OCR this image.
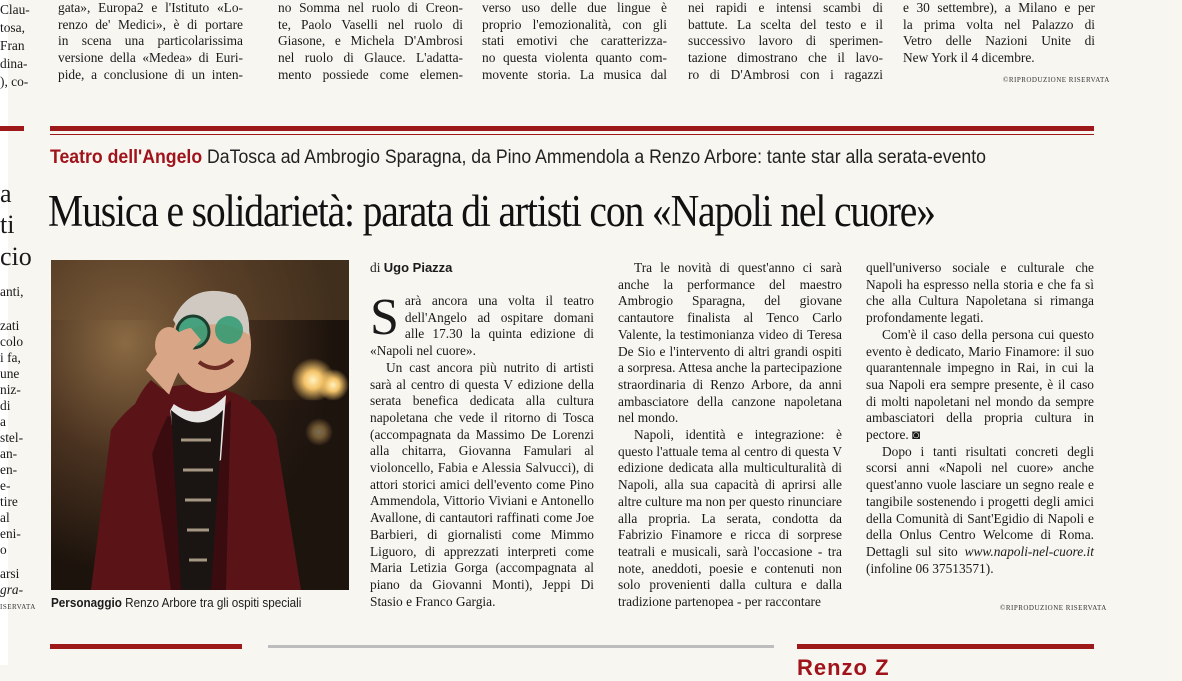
gata», Europa2 e l'Istituto «Lo-
renzo de' Medici», è di portare
in scena una particolarissima
versione della «Medea» di Euri-
pide, a conclusione di un inten-
no Somma nel ruolo di Creon-
te, Paolo Vaselli nel ruolo di
Giasone, e Michela D'Ambrosi
nel ruolo di Glauce. L'adatta-
mento possiede come elemen-
verso uso delle due lingue è
proprio l'emozionalità, con gli
stati emotivi che caratterizza-
no questa violenta quanto com-
movente storia. La musica dal
nei rapidi e intensi scambi di
battute. La scelta del testo e il
successivo lavoro di sperimen-
tazione dimostrano che il lavo-
ro di D'Ambrosi con i ragazzi
e 30 settembre), a Milano e per
la prima volta nel Palazzo di
Vetro delle Nazioni Unite di
New York il 4 dicembre.
©RIPRODUZIONE RISERVATA
Clau-
tosa,
Fran
dina-
), co-
a
ti
cio
anti,
zati
colo
i fa,
une
niz-
di
a
stel-
an-
en-
e-
tire
al
eni-
o
arsi
gra-
ISERVATA
Teatro dell'Angelo DaTosca ad Ambrogio Sparagna, da Pino Ammendola a Renzo Arbore: tante star alla serata-evento
Musica e solidarietà: parata di artisti con «Napoli nel cuore»
Personaggio Renzo Arbore tra gli ospiti speciali
di Ugo Piazza

Sarà ancora una volta il teatro dell'Angelo ad ospitare domani alle 17.30 la quinta edizione di «Napoli nel cuore».

Un cast ancora più nutrito di artisti sarà al centro di questa V edizione della serata benefica dedicata alla cultura napoletana che vede il ritorno di Tosca (accompagnata da Massimo De Lorenzi alla chitarra, Giovanna Famulari al violoncello, Fabia e Alessia Salvucci), di attori storici amici dell'evento come Pino Ammendola, Vittorio Viviani e Antonello Avallone, di cantautori raffinati come Joe Barbieri, di giornalisti come Mimmo Liguoro, di apprezzati interpreti come Maria Letizia Gorga (accompagnata al piano da Giovanni Monti), Jeppi Di Stasio e Franco Gargia.

Tra le novità di quest'anno ci sarà anche la performance del maestro Ambrogio Sparagna, del giovane cantautore finalista al Tenco Carlo Valente, la testimonianza video di Teresa De Sio e l'intervento di altri grandi ospiti a sorpresa. Attesa anche la partecipazione straordinaria di Renzo Arbore, da anni ambasciatore della canzone napoletana nel mondo.

Napoli, identità e integrazione: è questo l'attuale tema al centro di questa V edizione dedicata alla multiculturalità di Napoli, alla sua capacità di aprirsi alle altre culture ma non per questo rinunciare alla propria. La serata, condotta da Fabrizio Finamore e ricca di sorprese teatrali e musicali, sarà l'occasione - tra note, aneddoti, poesie e contenuti non solo provenienti dalla cultura e dalla tradizione partenopea - per raccontare

quell'universo sociale e culturale che Napoli ha espresso nella storia e che fa sì che alla Cultura Napoletana si rimanga profondamente legati.

Com'è il caso della persona cui questo evento è dedicato, Mario Finamore: il suo quarantennale impegno in Rai, in cui la sua Napoli era sempre presente, è il caso di molti napoletani nel mondo da sempre ambasciatori della propria cultura in pectore. ◙

Dopo i tanti risultati concreti degli scorsi anni «Napoli nel cuore» anche quest'anno vuole lasciare un segno reale e tangibile sostenendo i progetti degli amici della Comunità di Sant'Egidio di Napoli e della Onlus Centro Welcome di Roma. Dettagli sul sito www.napoli-nel-cuore.it (infoline 06 37513571).

©RIPRODUZIONE RISERVATA
Renzo Z
